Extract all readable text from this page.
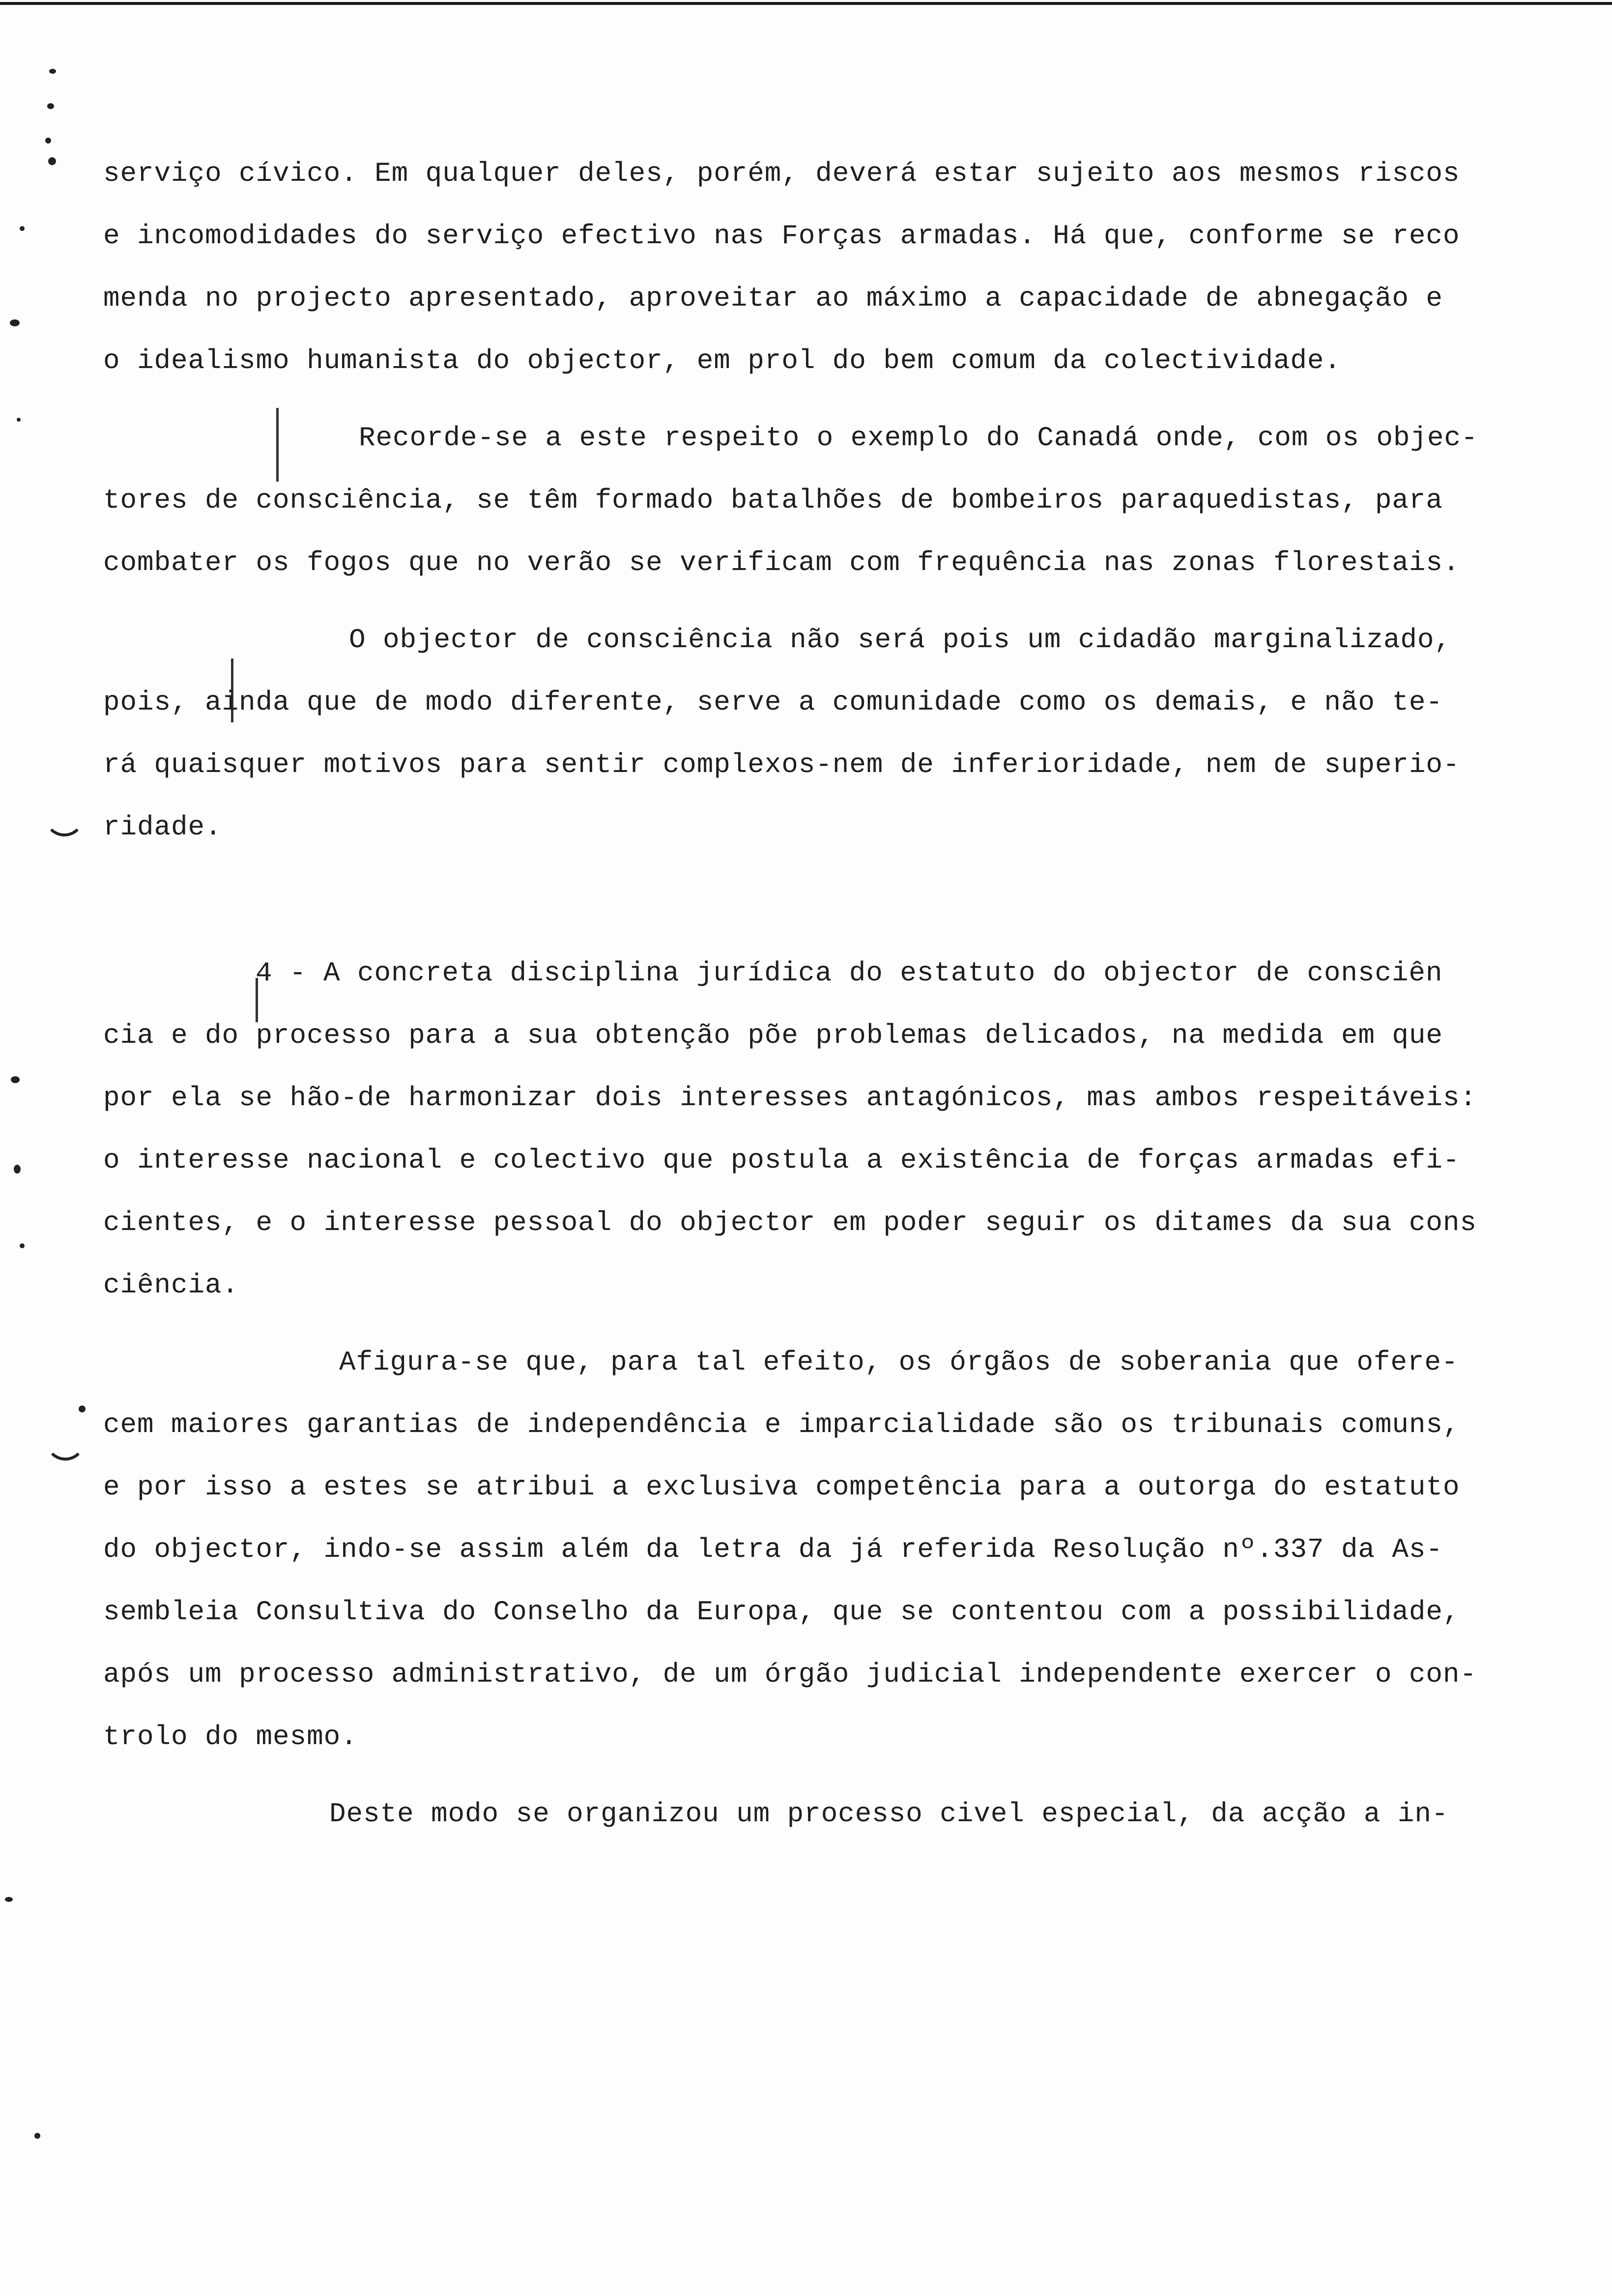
serviço cívico. Em qualquer deles, porém, deverá estar sujeito aos mesmos riscos
e incomodidades do serviço efectivo nas Forças armadas. Há que, conforme se reco
menda no projecto apresentado, aproveitar ao máximo a capacidade de abnegação e
o idealismo humanista do objector, em prol do bem comum da colectividade.
Recorde-se a este respeito o exemplo do Canadá onde, com os objec-
tores de consciência, se têm formado batalhões de bombeiros paraquedistas, para
combater os fogos que no verão se verificam com frequência nas zonas florestais.
O objector de consciência não será pois um cidadão marginalizado,
pois, ainda que de modo diferente, serve a comunidade como os demais, e não te-
rá quaisquer motivos para sentir complexos-nem de inferioridade, nem de superio-
ridade.
4 - A concreta disciplina jurídica do estatuto do objector de consciên
cia e do processo para a sua obtenção põe problemas delicados, na medida em que
por ela se hão-de harmonizar dois interesses antagónicos, mas ambos respeitáveis:
o interesse nacional e colectivo que postula a existência de forças armadas efi-
cientes, e o interesse pessoal do objector em poder seguir os ditames da sua cons
ciência.
Afigura-se que, para tal efeito, os órgãos de soberania que ofere-
cem maiores garantias de independência e imparcialidade são os tribunais comuns,
e por isso a estes se atribui a exclusiva competência para a outorga do estatuto
do objector, indo-se assim além da letra da já referida Resolução nº.337 da As-
sembleia Consultiva do Conselho da Europa, que se contentou com a possibilidade,
após um processo administrativo, de um órgão judicial independente exercer o con-
trolo do mesmo.
Deste modo se organizou um processo civel especial, da acção a in-
